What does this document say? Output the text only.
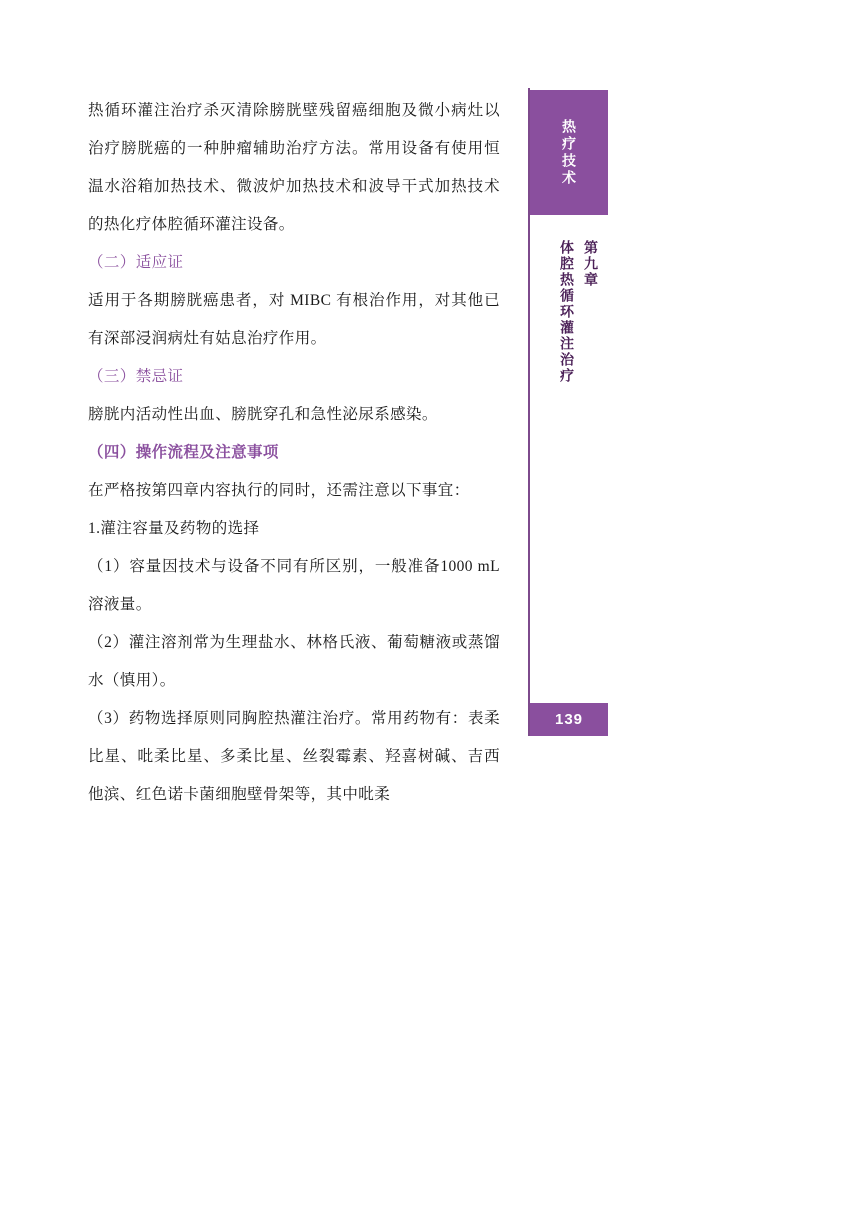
热循环灌注治疗杀灭清除膀胱壁残留癌细胞及微小病灶以治疗膀胱癌的一种肿瘤辅助治疗方法。常用设备有使用恒温水浴箱加热技术、微波炉加热技术和波导干式加热技术的热化疗体腔循环灌注设备。

（二）适应证

适用于各期膀胱癌患者，对 MIBC 有根治作用，对其他已有深部浸润病灶有姑息治疗作用。

（三）禁忌证

膀胱内活动性出血、膀胱穿孔和急性泌尿系感染。

（四）操作流程及注意事项

在严格按第四章内容执行的同时，还需注意以下事宜：

1.灌注容量及药物的选择

（1）容量因技术与设备不同有所区别，一般准备1000 mL 溶液量。

（2）灌注溶剂常为生理盐水、林格氏液、葡萄糖液或蒸馏水（慎用）。

（3）药物选择原则同胸腔热灌注治疗。常用药物有：表柔比星、吡柔比星、多柔比星、丝裂霉素、羟喜树碱、吉西他滨、红色诺卡菌细胞壁骨架等，其中吡柔

热疗技术
第九章
体腔热循环灌注治疗
139
